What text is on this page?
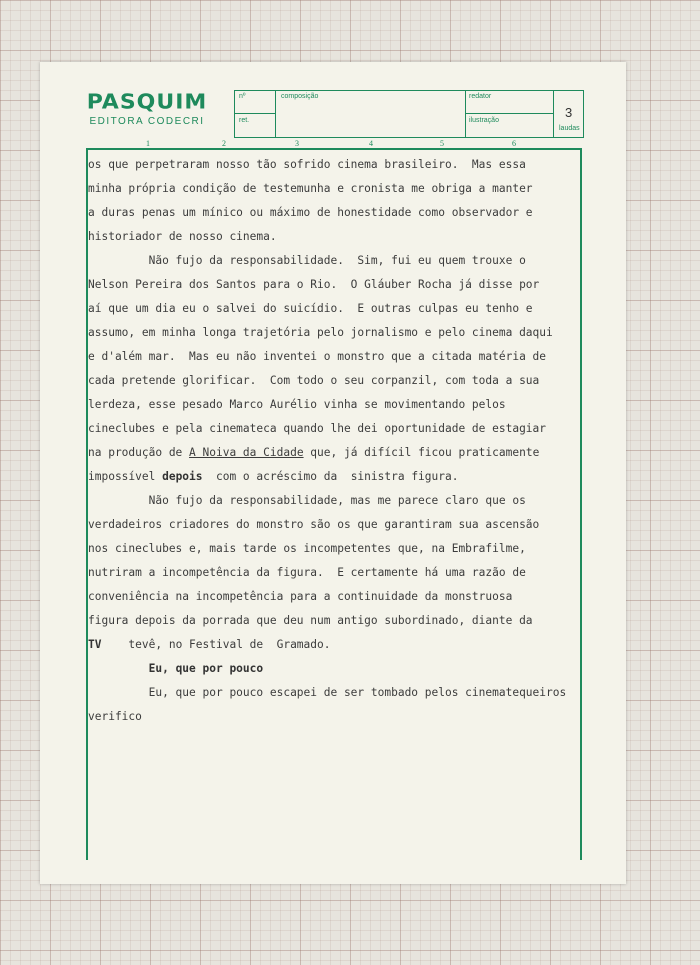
PASQUIM
EDITORA CODECRI
nº
ret.
composição	redator
ilustração
3
laudas
1	2	3	4	5	6
os que perpetraram nosso tão sofrido cinema brasileiro.  Mas essa
minha própria condição de testemunha e cronista me obriga a manter
a duras penas um mínico ou máximo de honestidade como observador e
historiador de nosso cinema.
Não fujo da responsabilidade.  Sim, fui eu quem trouxe o
Nelson Pereira dos Santos para o Rio.  O Gláuber Rocha já disse por
aí que um dia eu o salvei do suicídio.  E outras culpas eu tenho e
assumo, em minha longa trajetória pelo jornalismo e pelo cinema daqui
e d'além mar.  Mas eu não inventei o monstro que a citada matéria de
cada pretende glorificar.  Com todo o seu corpanzil, com toda a sua
lerdeza, esse pesado Marco Aurélio vinha se movimentando pelos
cineclubes e pela cinemateca quando lhe dei oportunidade de estagiar
na produção de A Noiva da Cidade que, já difícil ficou praticamente
impossível depois  com o acréscimo da  sinistra figura.
Não fujo da responsabilidade, mas me parece claro que os
verdadeiros criadores do monstro são os que garantiram sua ascensão
nos cineclubes e, mais tarde os incompetentes que, na Embrafilme,
nutriram a incompetência da figura.  E certamente há uma razão de
conveniência na incompetência para a continuidade da monstruosa
figura depois da porrada que deu num antigo subordinado, diante da
TV    tevê, no Festival de  Gramado.
Eu, que por pouco
Eu, que por pouco escapei de ser tombado pelos cinematequeiros
verifico
